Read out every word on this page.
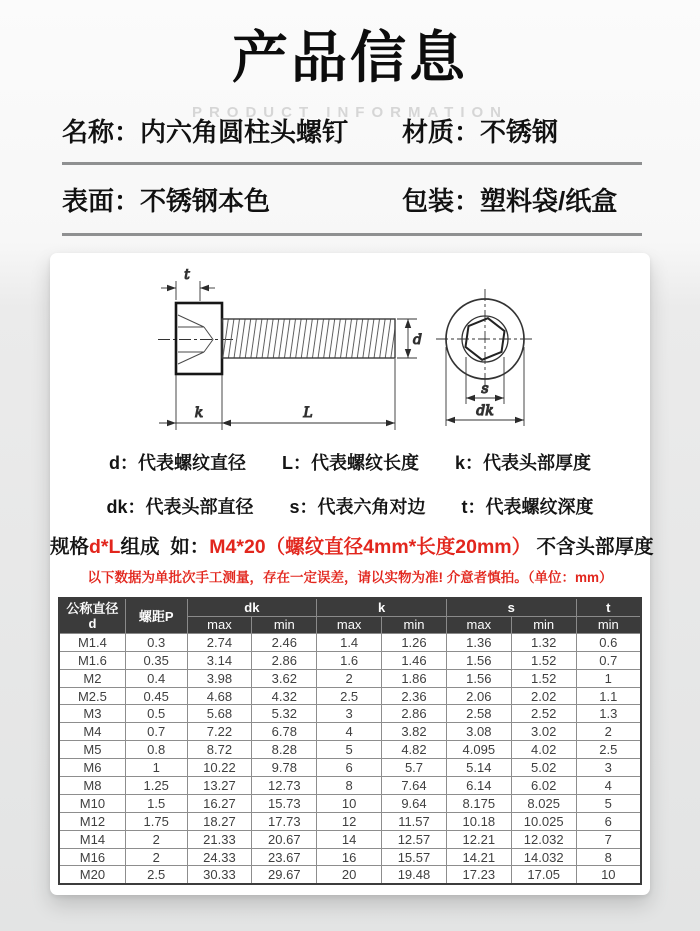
PRODUCT INFORMATION
产品信息
名称：内六角圆柱头螺钉	材质：不锈钢
表面：不锈钢本色	包装：塑料袋/纸盒
t
k	L
d
s
dk
d：代表螺纹直径 L：代表螺纹长度 k：代表头部厚度
dk：代表头部直径 s：代表六角对边 t：代表螺纹深度
规格d*L组成  如：M4*20（螺纹直径4mm*长度20mm） 不含头部厚度
以下数据为单批次手工测量，存在一定误差，请以实物为准! 介意者慎拍。（单位：mm）
公称直径
d	螺距P	dk		k		s		t
		max	min	max	min	max	min	min
M1.4	0.3	2.74	2.46	1.4	1.26	1.36	1.32	0.6
M1.6	0.35	3.14	2.86	1.6	1.46	1.56	1.52	0.7
M2	0.4	3.98	3.62	2	1.86	1.56	1.52	1
M2.5	0.45	4.68	4.32	2.5	2.36	2.06	2.02	1.1
M3	0.5	5.68	5.32	3	2.86	2.58	2.52	1.3
M4	0.7	7.22	6.78	4	3.82	3.08	3.02	2
M5	0.8	8.72	8.28	5	4.82	4.095	4.02	2.5
M6	1	10.22	9.78	6	5.7	5.14	5.02	3
M8	1.25	13.27	12.73	8	7.64	6.14	6.02	4
M10	1.5	16.27	15.73	10	9.64	8.175	8.025	5
M12	1.75	18.27	17.73	12	11.57	10.18	10.025	6
M14	2	21.33	20.67	14	12.57	12.21	12.032	7
M16	2	24.33	23.67	16	15.57	14.21	14.032	8
M20	2.5	30.33	29.67	20	19.48	17.23	17.05	10
